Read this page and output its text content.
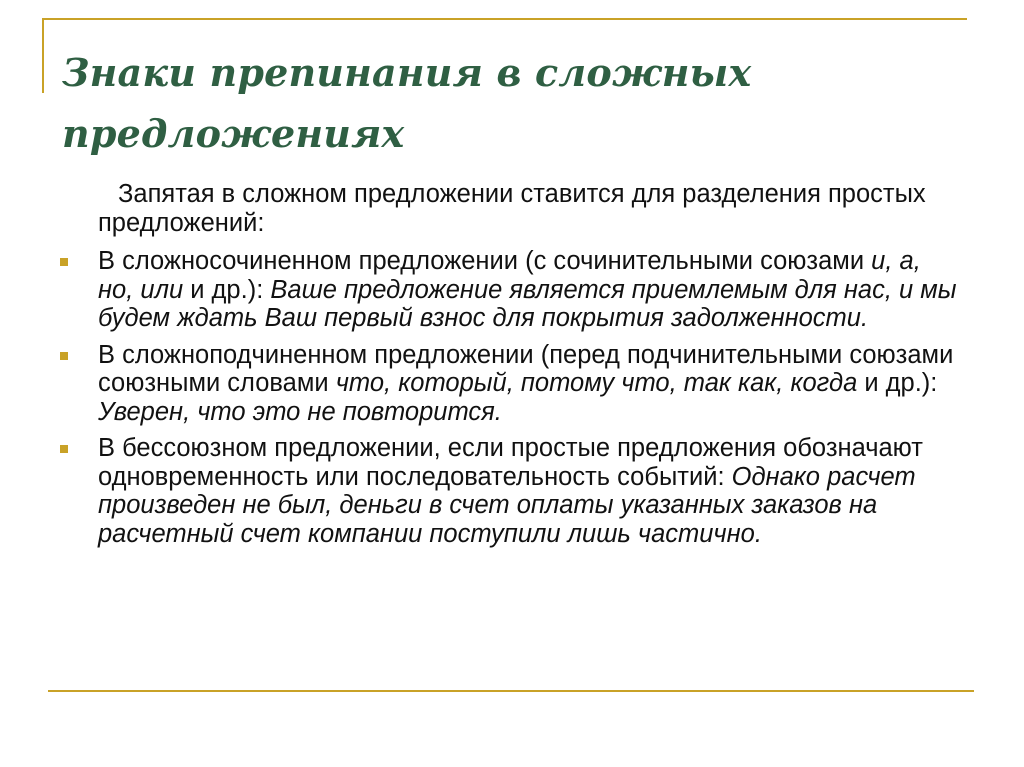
Знаки препинания в сложных предложениях

Запятая в сложном предложении ставится для разделения простых предложений:

В сложносочиненном предложении (с сочинительными союзами и, а, но, или и др.): Ваше предложение является приемлемым для нас, и мы будем ждать Ваш первый взнос для покрытия задолженности.
В сложноподчиненном предложении (перед подчинительными союзами союзными словами что, который, потому что, так как, когда и др.): Уверен, что это не повторится.
В бессоюзном предложении, если простые предложения обозначают одновременность или последовательность событий: Однако расчет произведен не был, деньги в счет оплаты указанных заказов на расчетный счет компании поступили лишь частично.
